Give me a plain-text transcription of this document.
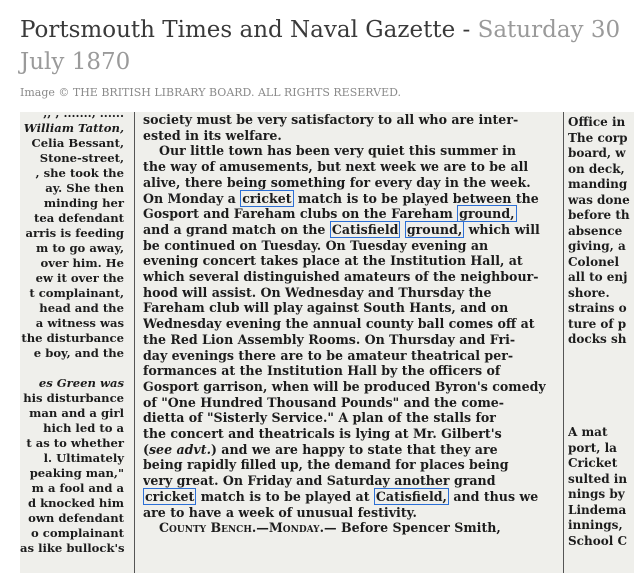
Portsmouth Times and Naval Gazette - Saturday 30 July 1870
Image © THE BRITISH LIBRARY BOARD. ALL RIGHTS RESERVED.
,, , ......., ......
William Tatton,
Celia Bessant,
Stone-street,
, she took the
ay. She then
minding her
tea defendant
arris is feeding
m to go away,
over him. He
ew it over the
t complainant,
head and the
a witness was
the disturbance
e boy, and the
es Green was
his disturbance
man and a girl
hich led to a
t as to whether
l. Ultimately
peaking man,"
m a fool and a
d knocked him
own defendant
o complainant
as like bullock's
society must be very satisfactory to all who are inter-
ested in its welfare.
Our little town has been very quiet this summer in
the way of amusements, but next week we are to be all
alive, there being something for every day in the week.
On Monday a cricket match is to be played between the
Gosport and Fareham clubs on the Fareham ground,
and a grand match on the Catisfield ground, which will
be continued on Tuesday. On Tuesday evening an
evening concert takes place at the Institution Hall, at
which several distinguished amateurs of the neighbour-
hood will assist. On Wednesday and Thursday the
Fareham club will play against South Hants, and on
Wednesday evening the annual county ball comes off at
the Red Lion Assembly Rooms. On Thursday and Fri-
day evenings there are to be amateur theatrical per-
formances at the Institution Hall by the officers of
Gosport garrison, when will be produced Byron's comedy
of "One Hundred Thousand Pounds" and the come-
dietta of "Sisterly Service." A plan of the stalls for
the concert and theatricals is lying at Mr. Gilbert's
(see advt.) and we are happy to state that they are
being rapidly filled up, the demand for places being
very great. On Friday and Saturday another grand
cricket match is to be played at Catisfield, and thus we
are to have a week of unusual festivity.
County Bench.—Monday.— Before Spencer Smith,
Office in
The corp
board, w
on deck,
manding
was done
before th
absence
giving, a
Colonel
all to enj
shore.
strains o
ture of p
docks sh
A mat
port, la
Cricket
sulted in
nings by
Lindema
innings,
School C
